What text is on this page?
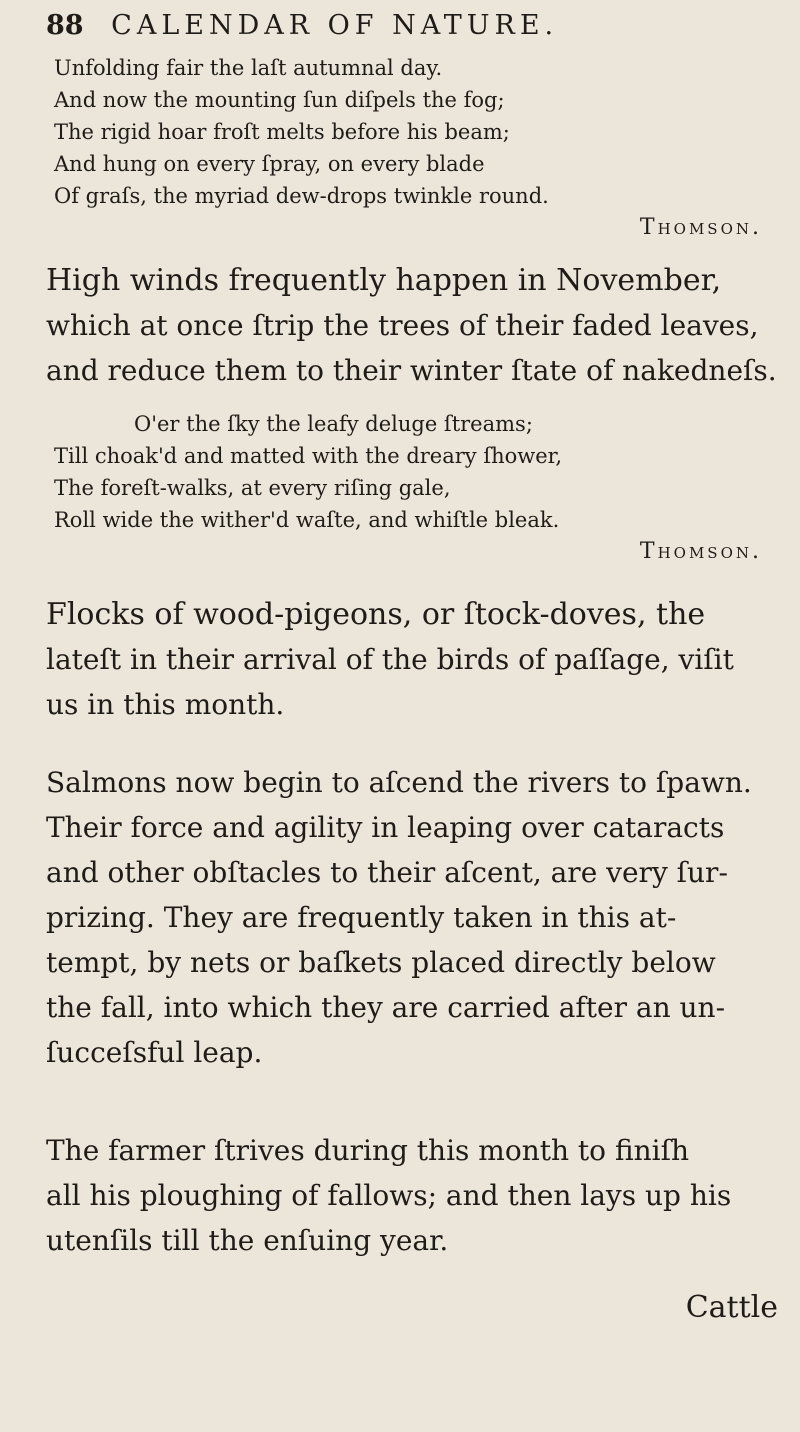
88 CALENDAR OF NATURE.
Unfolding fair the laſt autumnal day.
And now the mounting ſun diſpels the fog;
The rigid hoar froſt melts before his beam;
And hung on every ſpray, on every blade
Of graſs, the myriad dew-drops twinkle round.
Thomson.
High winds frequently happen in November,
which at once ſtrip the trees of their faded leaves,
and reduce them to their winter ſtate of nakedneſs.
O'er the ſky the leafy deluge ſtreams;
Till choak'd and matted with the dreary ſhower,
The foreſt-walks, at every riſing gale,
Roll wide the wither'd waſte, and whiſtle bleak.
Thomson.
Flocks of wood-pigeons, or ſtock-doves, the
lateſt in their arrival of the birds of paſſage, viſit
us in this month.
Salmons now begin to aſcend the rivers to ſpawn.
Their force and agility in leaping over cataracts
and other obſtacles to their aſcent, are very ſur-
prizing. They are frequently taken in this at-
tempt, by nets or baſkets placed directly below
the fall, into which they are carried after an un-
ſucceſsful leap.
The farmer ſtrives during this month to finiſh
all his ploughing of fallows; and then lays up his
utenſils till the enſuing year.
Cattle
